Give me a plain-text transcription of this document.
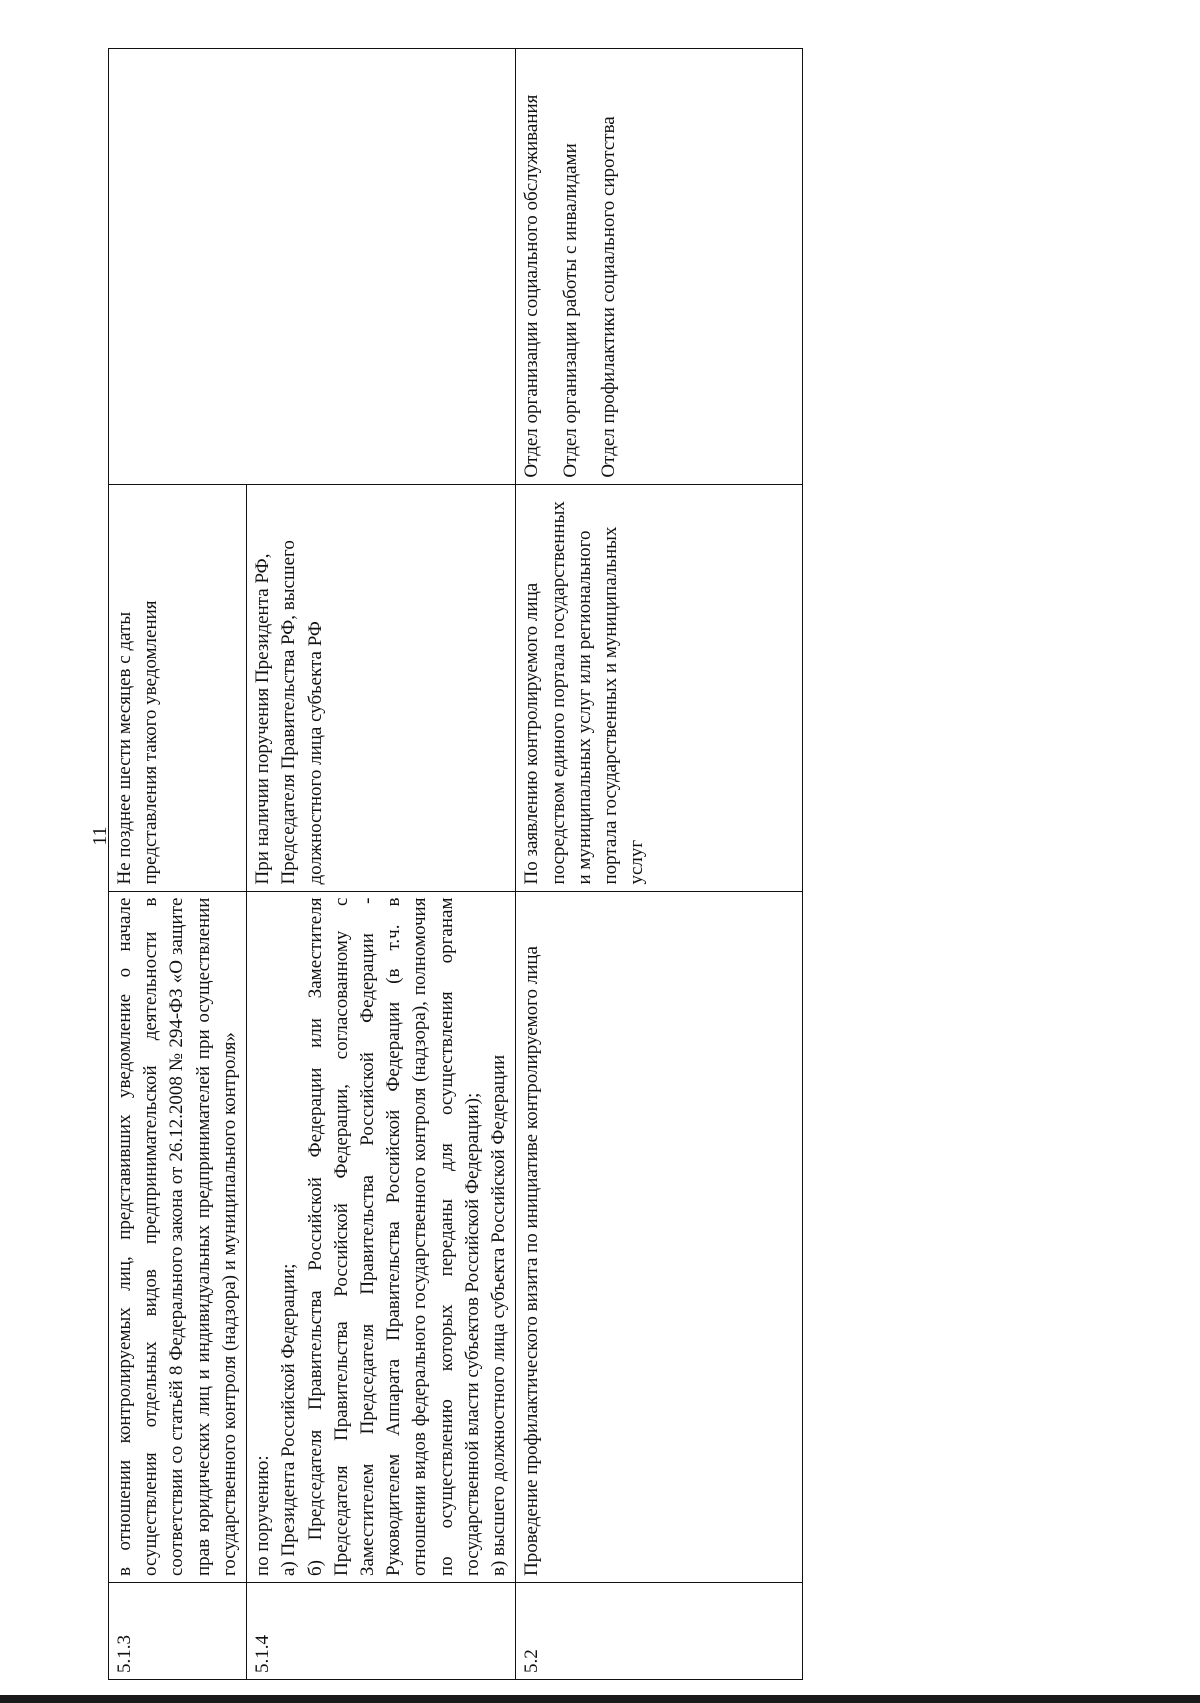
11
5.1.3	в отношении контролируемых лиц, представивших уведомление о начале осуществления отдельных видов предпринимательской деятельности в соответствии со статьёй 8 Федерального закона от 26.12.2008 № 294-ФЗ «О защите прав юридических лиц и индивидуальных предпринимателей при осуществлении государственного контроля (надзора) и муниципального контроля»	Не позднее шести месяцев с даты представления такого уведомления	
5.1.4	по поручению: а) Президента Российской Федерации; б) Председателя Правительства Российской Федерации или Заместителя Председателя Правительства Российской Федерации, согласованному с Заместителем Председателя Правительства Российской Федерации - Руководителем Аппарата Правительства Российской Федерации (в т.ч. в отношении видов федерального государственного контроля (надзора), полномочия по осуществлению которых переданы для осуществления органам государственной власти субъектов Российской Федерации); в) высшего должностного лица субъекта Российской Федерации	При наличии поручения Президента РФ, Председателя Правительства РФ, высшего должностного лица субъекта РФ	
5.2	Проведение профилактического визита по инициативе контролируемого лица	По заявлению контролируемого лица посредством единого портала государственных и муниципальных услуг или регионального портала государственных и муниципальных услуг	Отдел организации социального обслуживания Отдел организации работы с инвалидами Отдел профилактики социального сиротства
